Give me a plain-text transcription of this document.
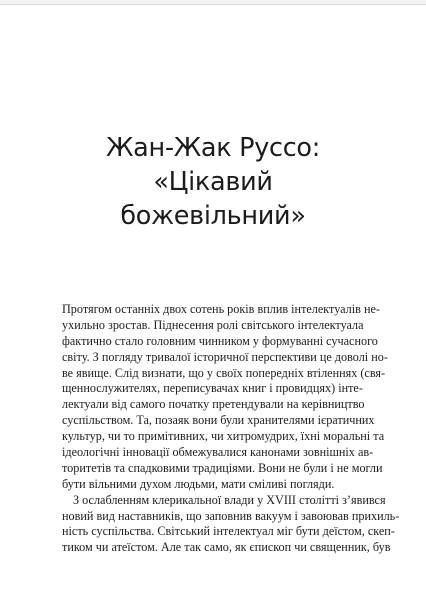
Жан-Жак Руссо:
«Цікавий
божевільний»
Протягом останніх двох сотень років вплив інтелектуалів не-
ухильно зростав. Піднесення ролі світського інтелектуала
фактично стало головним чинником у формуванні сучасного
світу. З погляду тривалої історичної перспективи це доволі но-
ве явище. Слід визнати, що у своїх попередніх втіленнях (свя-
щеннослужителях, переписувачах книг і провидцях) інте-
лектуали від самого початку претендували на керівництво
суспільством. Та, позаяк вони були хранителями ієратичних
культур, чи то примітивних, чи хитромудрих, їхні моральні та
ідеологічні інновації обмежувалися канонами зовнішніх ав-
торитетів та спадковими традиціями. Вони не були і не могли
бути вільними духом людьми, мати сміливі погляди.
З ослабленням клерикальної влади у XVIII столітті з’явився
новий вид наставників, що заповнив вакуум і завоював прихиль-
ність суспільства. Світський інтелектуал міг бути деїстом, скеп-
тиком чи атеїстом. Але так само, як єпископ чи священник, був
